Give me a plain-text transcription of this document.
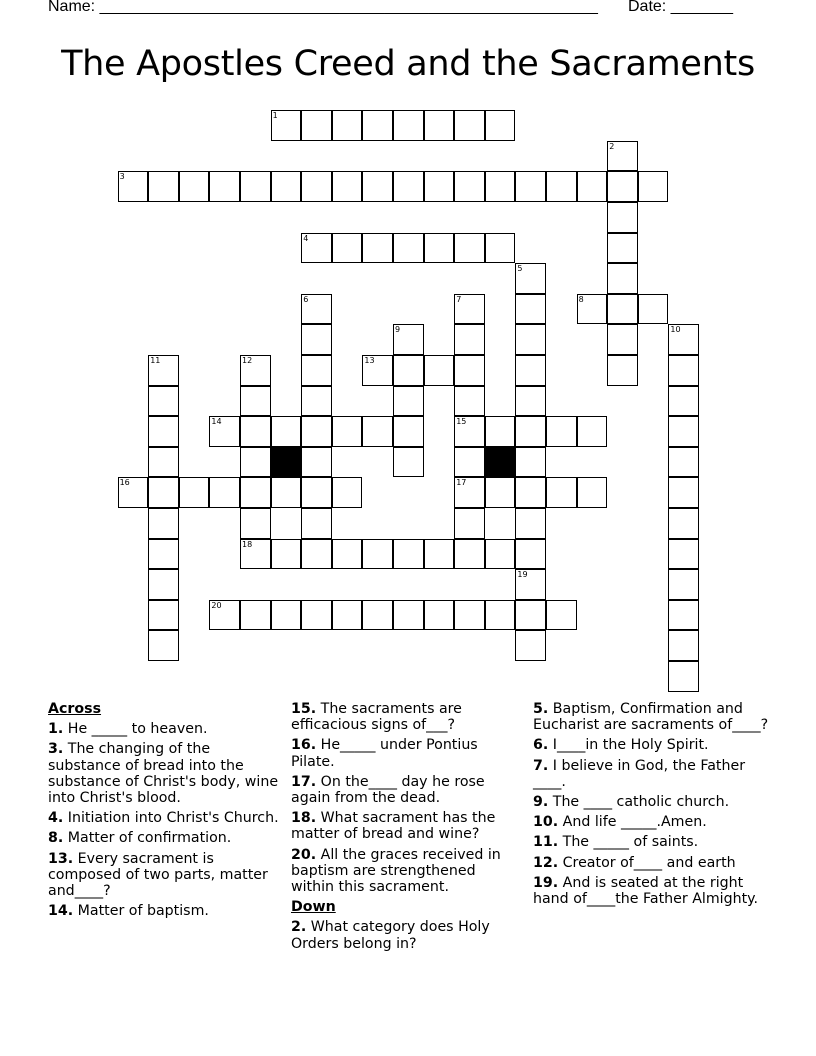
Name: ________________________________________________________ Date: _______
The Apostles Creed and the Sacraments
1
2
3
4
5
6	7
15
17
8
9	10
11	12
18
13
14
16
19
20
Across
1. He _____ to heaven.
3. The changing of the substance of bread into the substance of Christ's body, wine into Christ's blood.
4. Initiation into Christ's Church.
8. Matter of confirmation.
13. Every sacrament is composed of two parts, matter and____?
14. Matter of baptism.
15. The sacraments are efficacious signs of___?
16. He_____ under Pontius Pilate.
17. On the____ day he rose again from the dead.
18. What sacrament has the matter of bread and wine?
20. All the graces received in baptism are strengthened within this sacrament.
Down
2. What category does Holy Orders belong in?
5. Baptism, Confirmation and Eucharist are sacraments of____?
6. I____in the Holy Spirit.
7. I believe in God, the Father ____.
9. The ____ catholic church.
10. And life _____.Amen.
11. The _____ of saints.
12. Creator of____ and earth
19. And is seated at the right hand of____the Father Almighty.
